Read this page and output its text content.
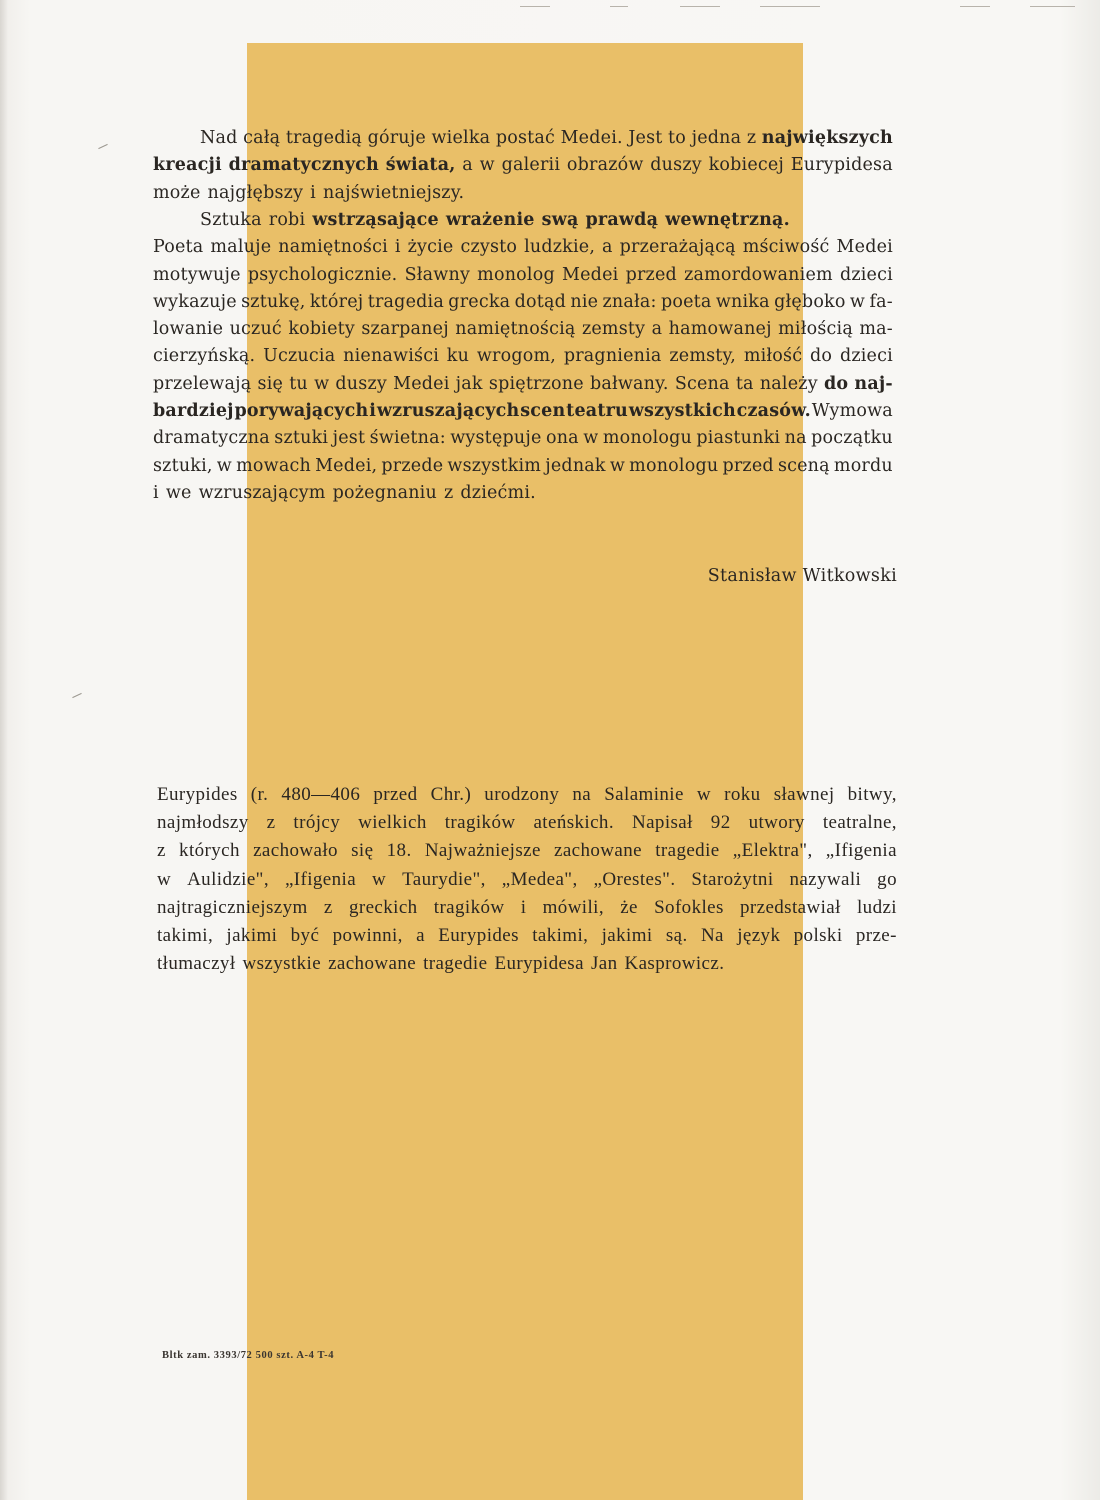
Nad całą tragedią góruje wielka postać Medei. Jest to jedna z największych
kreacji dramatycznych świata, a w galerii obrazów duszy kobiecej Eurypidesa
może najgłębszy i najświetniejszy.
Sztuka robi wstrząsające wrażenie swą prawdą wewnętrzną.
Poeta maluje namiętności i życie czysto ludzkie, a przerażającą mściwość Medei
motywuje psychologicznie. Sławny monolog Medei przed zamordowaniem dzieci
wykazuje sztukę, której tragedia grecka dotąd nie znała: poeta wnika głęboko w fa-
lowanie uczuć kobiety szarpanej namiętnością zemsty a hamowanej miłością ma-
cierzyńską. Uczucia nienawiści ku wrogom, pragnienia zemsty, miłość do dzieci
przelewają się tu w duszy Medei jak spiętrzone bałwany. Scena ta należy do naj-
bardziej porywających i wzruszających scen teatru wszystkich czasów. Wymowa
dramatyczna sztuki jest świetna: występuje ona w monologu piastunki na początku
sztuki, w mowach Medei, przede wszystkim jednak w monologu przed sceną mordu
i we wzruszającym pożegnaniu z dziećmi.
Stanisław Witkowski
Eurypides (r. 480—406 przed Chr.) urodzony na Salaminie w roku sławnej bitwy,
najmłodszy z trójcy wielkich tragików ateńskich. Napisał 92 utwory teatralne,
z których zachowało się 18. Najważniejsze zachowane tragedie „Elektra", „Ifigenia
w Aulidzie", „Ifigenia w Taurydie", „Medea", „Orestes". Starożytni nazywali go
najtragiczniejszym z greckich tragików i mówili, że Sofokles przedstawiał ludzi
takimi, jakimi być powinni, a Eurypides takimi, jakimi są. Na język polski prze-
tłumaczył wszystkie zachowane tragedie Eurypidesa Jan Kasprowicz.
Bltk zam. 3393/72 500 szt. A-4 T-4
